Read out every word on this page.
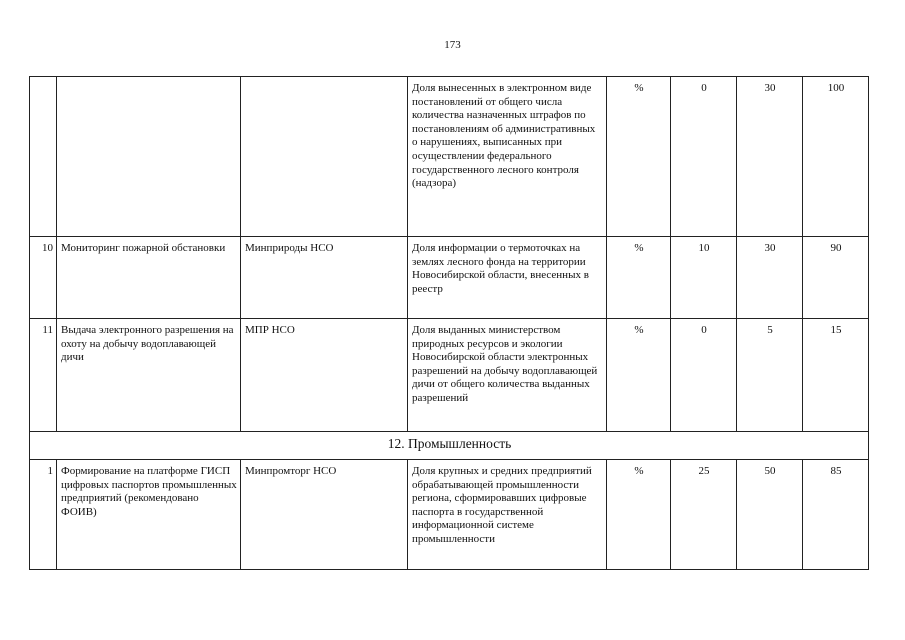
173
			Доля вынесенных в электронном виде постановлений от общего числа количества назначенных штрафов по постановлениям об административных о нарушениях, выписанных при осуществлении федерального государственного лесного контроля (надзора)	%	0	30	100
10	Мониторинг пожарной обстановки	Минприроды НСО	Доля информации о термоточках на землях лесного фонда на территории Новосибирской области, внесенных в реестр	%	10	30	90
11	Выдача электронного разрешения на охоту на добычу водоплавающей дичи	МПР НСО	Доля выданных министерством природных ресурсов и экологии Новосибирской области электронных разрешений на добычу водоплавающей дичи от общего количества выданных разрешений	%	0	5	15
12. Промышленность							
1	Формирование на платформе ГИСП цифровых паспортов промышленных предприятий (рекомендовано ФОИВ)	Минпромторг НСО	Доля крупных и средних предприятий обрабатывающей промышленности региона, сформировавших цифровые паспорта в государственной информационной системе промышленности	%	25	50	85
